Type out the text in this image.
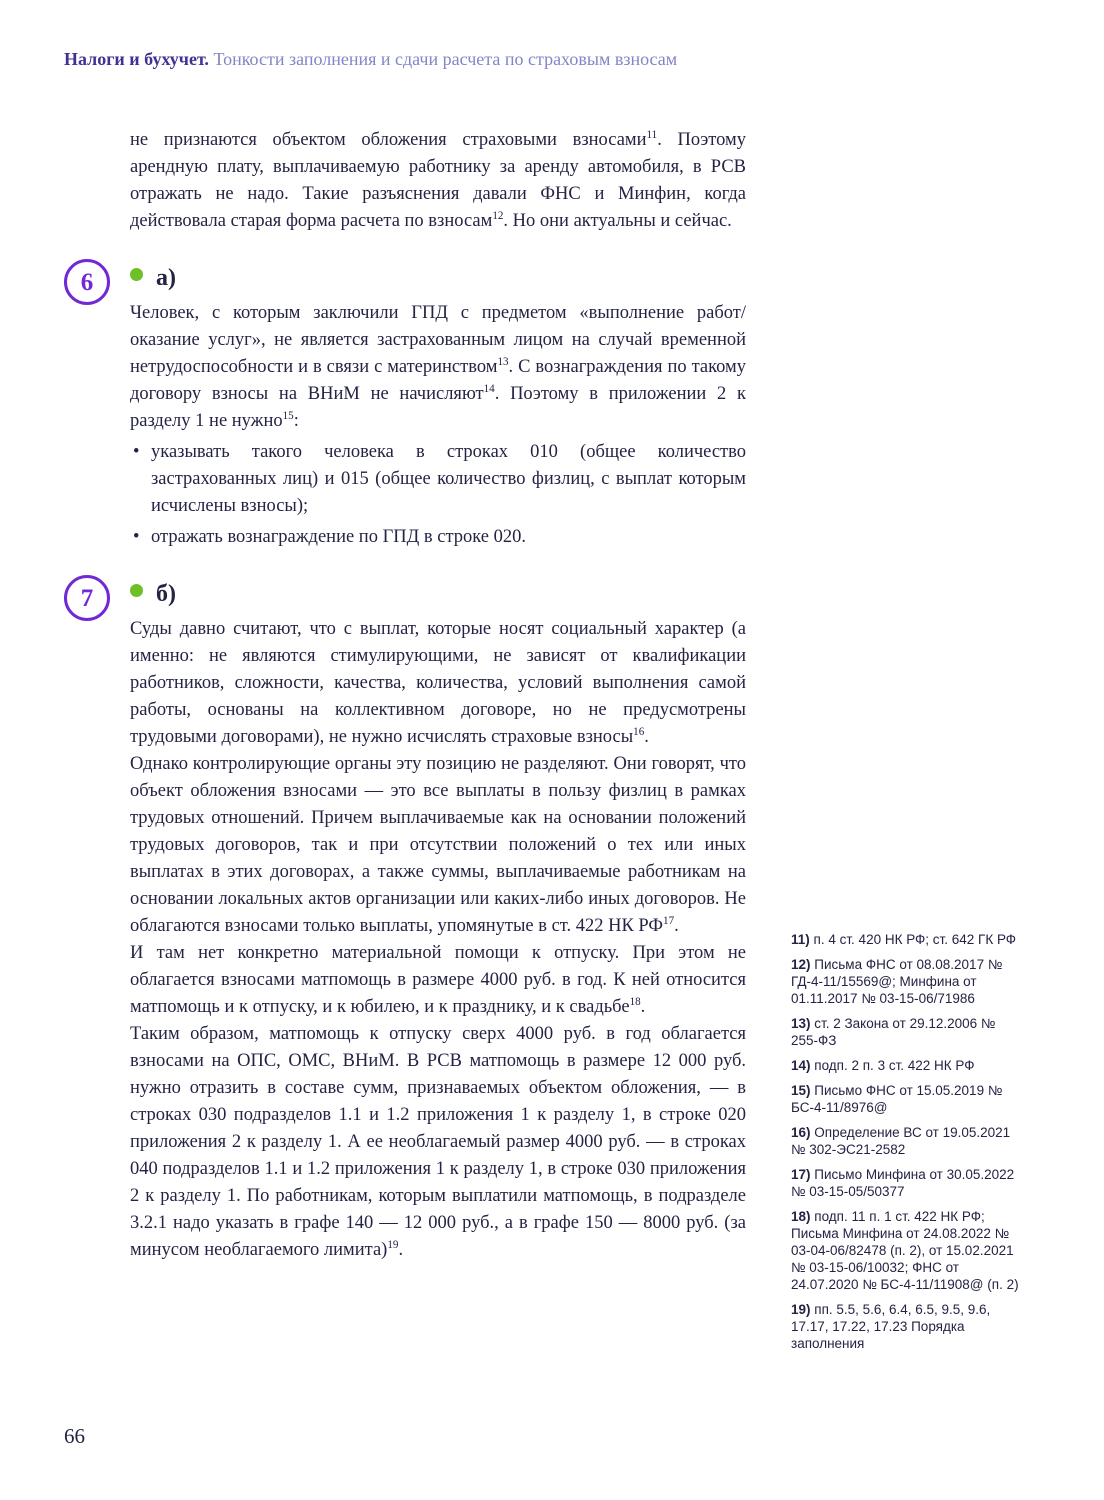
Налоги и бухучет. Тонкости заполнения и сдачи расчета по страховым взносам

не признаются объектом обложения страховыми взносами$^{11}$. Поэтому арендную плату, выплачиваемую работнику за аренду автомобиля, в РСВ отражать не надо. Такие разъяснения давали ФНС и Минфин, когда действовала старая форма расчета по взносам$^{12}$. Но они актуальны и сейчас.

6	а)

Человек, с которым заключили ГПД с предметом «выполнение работ/оказание услуг», не является застрахованным лицом на случай временной нетрудоспособности и в связи с материнством$^{13}$. С вознаграждения по такому договору взносы на ВНиМ не начисляют$^{14}$. Поэтому в приложении 2 к разделу 1 не нужно$^{15}$:

• указывать такого человека в строках 010 (общее количество застрахованных лиц) и 015 (общее количество физлиц, с выплат которым исчислены взносы);
• отражать вознаграждение по ГПД в строке 020.
7	б)

Суды давно считают, что с выплат, которые носят социальный характер (а именно: не являются стимулирующими, не зависят от квалификации работников, сложности, качества, количества, условий выполнения самой работы, основаны на коллективном договоре, но не предусмотрены трудовыми договорами), не нужно исчислять страховые взносы$^{16}$.

Однако контролирующие органы эту позицию не разделяют. Они говорят, что объект обложения взносами — это все выплаты в пользу физлиц в рамках трудовых отношений. Причем выплачиваемые как на основании положений трудовых договоров, так и при отсутствии положений о тех или иных выплатах в этих договорах, а также суммы, выплачиваемые работникам на основании локальных актов организации или каких-либо иных договоров. Не облагаются взносами только выплаты, упомянутые в ст. 422 НК РФ$^{17}$.

И там нет конкретно материальной помощи к отпуску. При этом не облагается взносами матпомощь в размере 4000 руб. в год. К ней относится матпомощь и к отпуску, и к юбилею, и к празднику, и к свадьбе$^{18}$.

Таким образом, матпомощь к отпуску сверх 4000 руб. в год облагается взносами на ОПС, ОМС, ВНиМ. В РСВ матпомощь в размере 12 000 руб. нужно отразить в составе сумм, признаваемых объектом обложения, — в строках 030 подразделов 1.1 и 1.2 приложения 1 к разделу 1, в строке 020 приложения 2 к разделу 1. А ее необлагаемый размер 4000 руб. — в строках 040 подразделов 1.1 и 1.2 приложения 1 к разделу 1, в строке 030 приложения 2 к разделу 1. По работникам, которым выплатили матпомощь, в подразделе 3.2.1 надо указать в графе 140 — 12 000 руб., а в графе 150 — 8000 руб. (за минусом необлагаемого лимита)$^{19}$.

11) п. 4 ст. 420 НК РФ; ст. 642 ГК РФ
12) Письма ФНС от 08.08.2017 № ГД-4-11/15569@; Минфина от 01.11.2017 № 03-15-06/71986
13) ст. 2 Закона от 29.12.2006 № 255-ФЗ
14) подп. 2 п. 3 ст. 422 НК РФ
15) Письмо ФНС от 15.05.2019 № БС-4-11/8976@
16) Определение ВС от 19.05.2021 № 302-ЭС21-2582
17) Письмо Минфина от 30.05.2022 № 03-15-05/50377
18) подп. 11 п. 1 ст. 422 НК РФ; Письма Минфина от 24.08.2022 № 03-04-06/82478 (п. 2), от 15.02.2021 № 03-15-06/10032; ФНС от 24.07.2020 № БС-4-11/11908@ (п. 2)
19) пп. 5.5, 5.6, 6.4, 6.5, 9.5, 9.6, 17.17, 17.22, 17.23 Порядка заполнения
66
